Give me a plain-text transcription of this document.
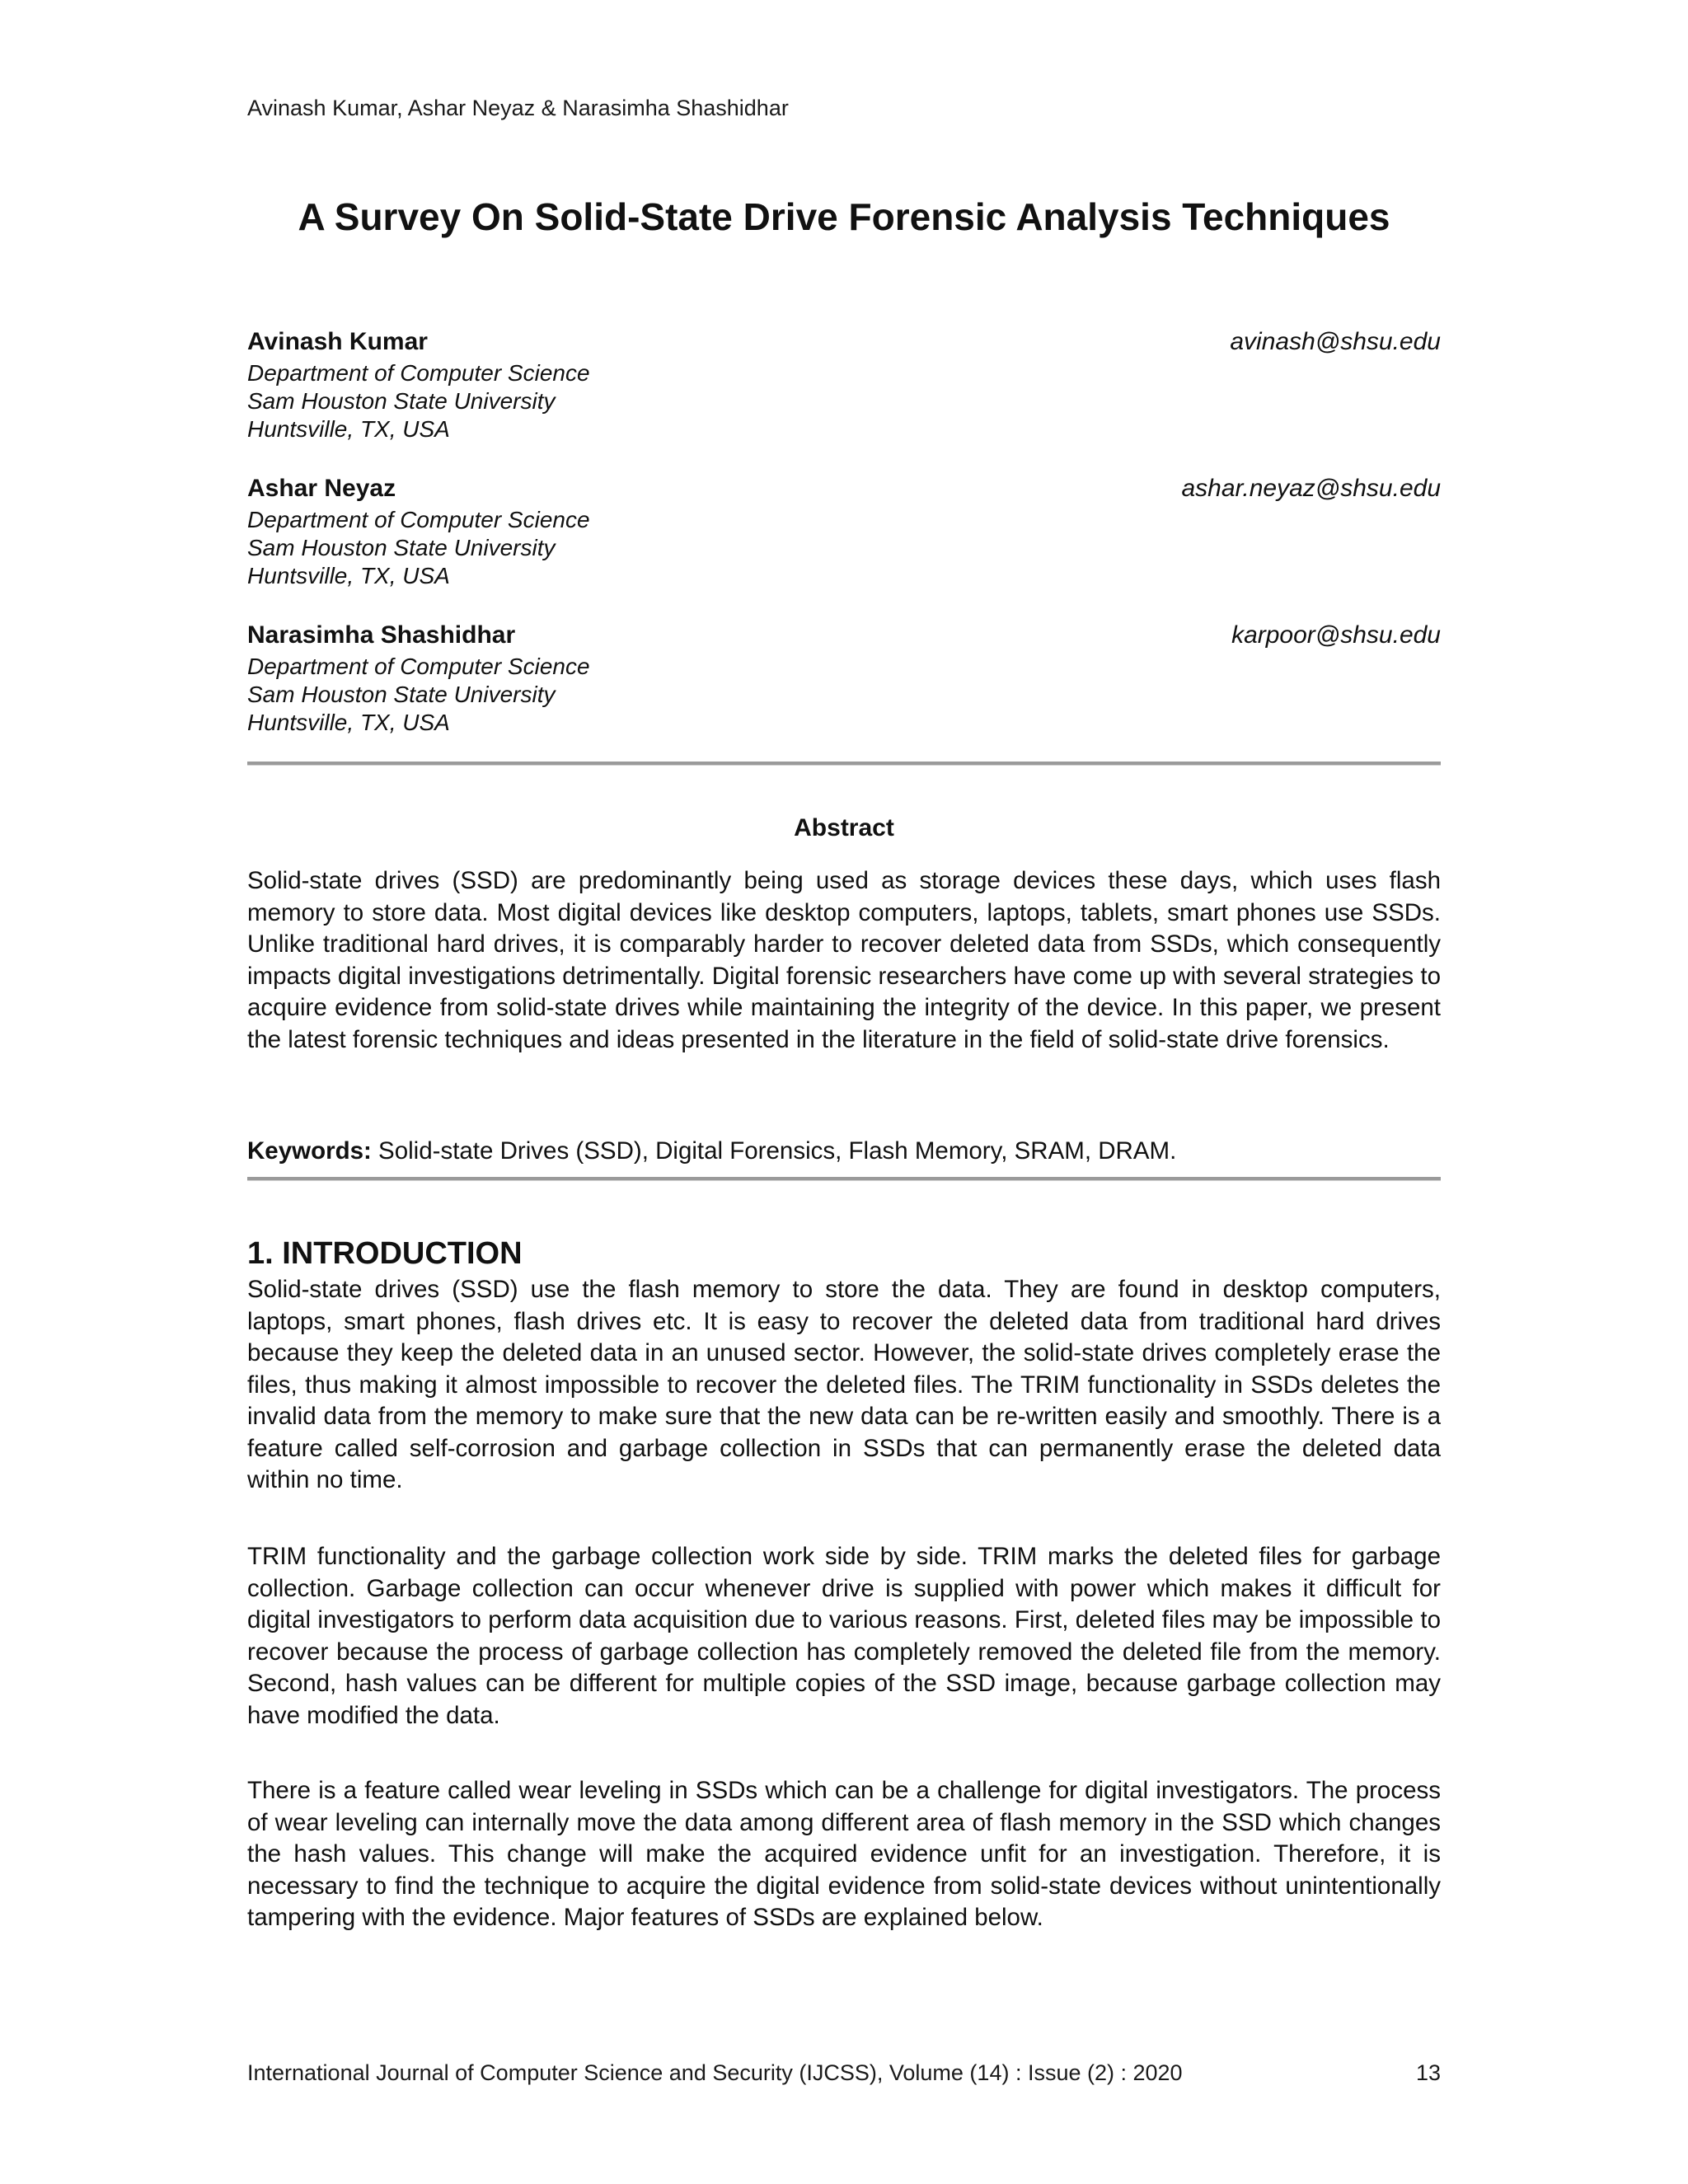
Avinash Kumar, Ashar Neyaz & Narasimha Shashidhar
A Survey On Solid-State Drive Forensic Analysis Techniques
Avinash Kumar	avinash@shsu.edu
Department of Computer Science
Sam Houston State University
Huntsville, TX, USA
Ashar Neyaz	ashar.neyaz@shsu.edu
Department of Computer Science
Sam Houston State University
Huntsville, TX, USA
Narasimha Shashidhar	karpoor@shsu.edu
Department of Computer Science
Sam Houston State University
Huntsville, TX, USA
Abstract
Solid-state drives (SSD) are predominantly being used as storage devices these days, which uses flash memory to store data. Most digital devices like desktop computers, laptops, tablets, smart phones use SSDs. Unlike traditional hard drives, it is comparably harder to recover deleted data from SSDs, which consequently impacts digital investigations detrimentally. Digital forensic researchers have come up with several strategies to acquire evidence from solid-state drives while maintaining the integrity of the device. In this paper, we present the latest forensic techniques and ideas presented in the literature in the field of solid-state drive forensics.
Keywords: Solid-state Drives (SSD), Digital Forensics, Flash Memory, SRAM, DRAM.
1. INTRODUCTION
Solid-state drives (SSD) use the flash memory to store the data. They are found in desktop computers, laptops, smart phones, flash drives etc. It is easy to recover the deleted data from traditional hard drives because they keep the deleted data in an unused sector. However, the solid-state drives completely erase the files, thus making it almost impossible to recover the deleted files. The TRIM functionality in SSDs deletes the invalid data from the memory to make sure that the new data can be re-written easily and smoothly. There is a feature called self-corrosion and garbage collection in SSDs that can permanently erase the deleted data within no time.
TRIM functionality and the garbage collection work side by side. TRIM marks the deleted files for garbage collection. Garbage collection can occur whenever drive is supplied with power which makes it difficult for digital investigators to perform data acquisition due to various reasons. First, deleted files may be impossible to recover because the process of garbage collection has completely removed the deleted file from the memory. Second, hash values can be different for multiple copies of the SSD image, because garbage collection may have modified the data.
There is a feature called wear leveling in SSDs which can be a challenge for digital investigators. The process of wear leveling can internally move the data among different area of flash memory in the SSD which changes the hash values. This change will make the acquired evidence unfit for an investigation. Therefore, it is necessary to find the technique to acquire the digital evidence from solid-state devices without unintentionally tampering with the evidence. Major features of SSDs are explained below.
International Journal of Computer Science and Security (IJCSS), Volume (14) : Issue (2) : 2020	13
